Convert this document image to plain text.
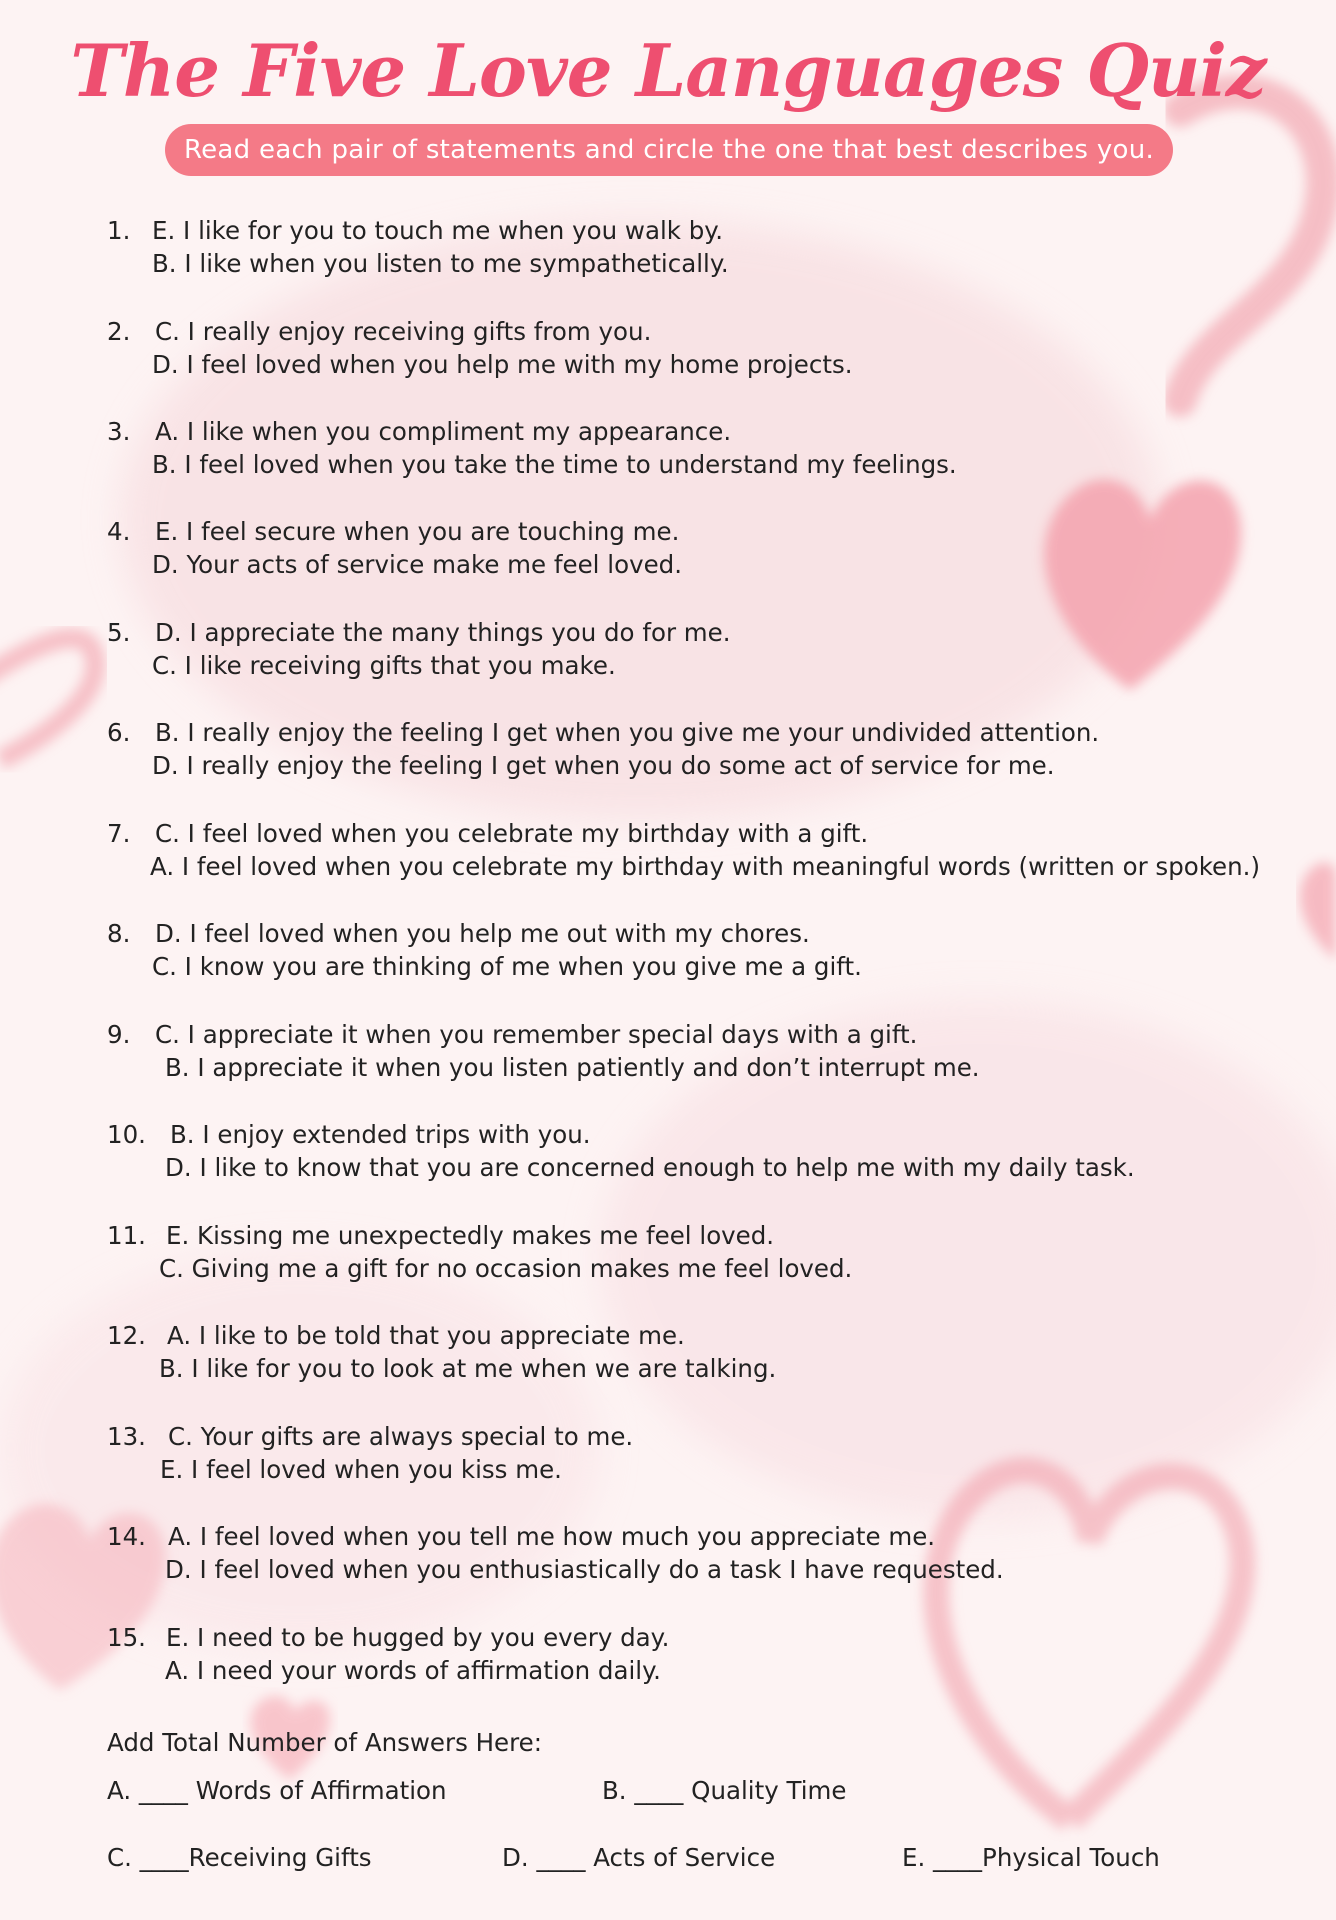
The Five Love Languages Quiz
Read each pair of statements and circle the one that best describes you.
1. E. I like for you to touch me when you walk by.
B. I like when you listen to me sympathetically.
2. C. I really enjoy receiving gifts from you.
D. I feel loved when you help me with my home projects.
3. A. I like when you compliment my appearance.
B. I feel loved when you take the time to understand my feelings.
4. E. I feel secure when you are touching me.
D. Your acts of service make me feel loved.
5. D. I appreciate the many things you do for me.
C. I like receiving gifts that you make.
6. B. I really enjoy the feeling I get when you give me your undivided attention.
D. I really enjoy the feeling I get when you do some act of service for me.
7. C. I feel loved when you celebrate my birthday with a gift.
A. I feel loved when you celebrate my birthday with meaningful words (written or spoken.)
8. D. I feel loved when you help me out with my chores.
C. I know you are thinking of me when you give me a gift.
9. C. I appreciate it when you remember special days with a gift.
B. I appreciate it when you listen patiently and don’t interrupt me.
10. B. I enjoy extended trips with you.
D. I like to know that you are concerned enough to help me with my daily task.
11. E. Kissing me unexpectedly makes me feel loved.
C. Giving me a gift for no occasion makes me feel loved.
12. A. I like to be told that you appreciate me.
B. I like for you to look at me when we are talking.
13. C. Your gifts are always special to me.
E. I feel loved when you kiss me.
14. A. I feel loved when you tell me how much you appreciate me.
D. I feel loved when you enthusiastically do a task I have requested.
15. E. I need to be hugged by you every day.
A. I need your words of affirmation daily.
Add Total Number of Answers Here:
A. ____ Words of Affirmation	B. ____ Quality Time
C. ____Receiving Gifts	D. ____ Acts of Service	E. ____Physical Touch
